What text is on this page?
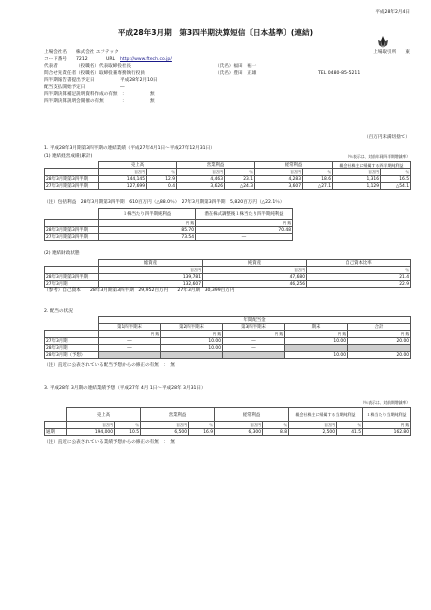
平成28年2月4日
平成28年3月期　第3四半期決算短信〔日本基準〕(連結)
上場取引所　　東
上場会社名 株式会社 エフテック
コード番号 7212	URL http://www.ftech.co.jp/
代表者	（役職名）代表取締役社長	（氏名）福田　祐一
問合せ先責任者 （役職名）取締役兼専務執行役員	（氏名）豊田　正雄	TEL 0480-85-5211
四半期報告書提出予定日	平成28年2月10日
配当支払開始予定日	―
四半期決算補足説明資料作成の有無　：	無
四半期決算説明会開催の有無　　　　：	無
（百万円未満切捨て）
1. 平成28年3月期第3四半期の連結業績（平成27年4月1日～平成27年12月31日）
(1) 連結経営成績(累計)	（％表示は、対前年同四半期増減率）
	売上高		営業利益		経常利益		親会社株主に帰属する四半期純利益	
	百万円	％	百万円	％	百万円	％	百万円	％
28年3月期第3四半期	144,145	12.9	4,463	23.1	4,283	18.6	1,316	16.5
27年3月期第3四半期	127,699	0.4	3,626	△24.3	3,607	△27.1	1,129	△54.1
（注）包括利益　28年3月期第3四半期　610百万円（△88.0％）　27年3月期第3四半期　5,820百万円（△22.1％）
	１株当たり四半期純利益	潜在株式調整後１株当たり四半期純利益
	円 銭	円 銭
28年3月期第3四半期	85.70	70.48
27年3月期第3四半期	73.54	―
(2) 連結財政状態
	総資産	純資産	自己資本比率
	百万円	百万円	％
28年3月期第3四半期	139,781	47,680	21.4
27年3月期	132,607	46,256	22.9
（参考）自己資本　　28年3月期第3四半期　29,952百万円　　27年3月期　30,399百万円
2. 配当の状況
	年間配当金				
	第1四半期末	第2四半期末	第3四半期末	期末	合計
	円 銭	円 銭	円 銭	円 銭	円 銭
27年3月期	―	10.00	―	10.00	20.00
28年3月期	―	10.00	―		
28年3月期（予想）				10.00	20.00
（注）直近に公表されている配当予想からの修正の有無　：　無
3. 平成28年 3月期の連結業績予想（平成27年 4月 1日～平成28年 3月31日）
（％表示は、対前期増減率）
	売上高		営業利益		経常利益		親会社株主に帰属する当期純利益		１株当たり当期純利益
	百万円	％	百万円	％	百万円	％	百万円	％	円 銭
通期	194,000	10.5	6,500	16.9	6,300	8.8	2,500	41.5	162.80
（注）直近に公表されている業績予想からの修正の有無　：　無
